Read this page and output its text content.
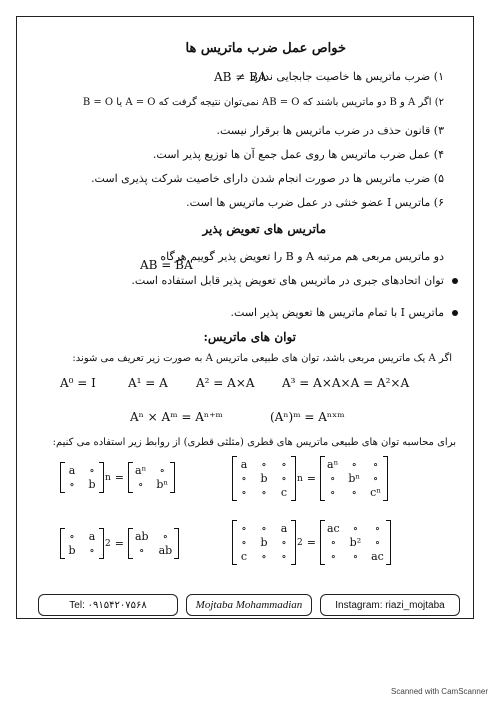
خواص عمل ضرب ماتریس ها
۱) ضرب ماتریس ها خاصیت جابجایی ندارد
AB ≠ BA
۲) اگر A و B دو ماتریس باشند که AB = O نمی‌توان نتیجه گرفت که A = O یا B = O
۳) قانون حذف در ضرب ماتریس ها برقرار نیست.
۴) عمل ضرب ماتریس ها روی عمل جمع آن ها توزیع پذیر است.
۵) ضرب ماتریس ها در صورت انجام شدن دارای خاصیت شرکت پذیری است.
۶) ماتریس I عضو خنثی در عمل ضرب ماتریس ها است.
ماتریس های تعویض پذیر
دو ماتریس مربعی هم مرتبه A و B را تعویض پذیر گوییم هرگاه
AB = BA
توان اتحادهای جبری در ماتریس های تعویض پذیر قابل استفاده است.
ماتریس I با تمام ماتریس ها تعویض پذیر است.
توان های ماتریس:
اگر A یک ماتریس مربعی باشد، توان های طبیعی ماتریس A به صورت زیر تعریف می شوند:
A⁰ = I	A¹ = A A² = A×A A³ = A×A×A = A²×A
Aⁿ × Aᵐ = Aⁿ⁺ᵐ	(Aⁿ)ᵐ = Aⁿˣᵐ
برای محاسبه توان های طبیعی ماتریس های قطری (مثلثی قطری) از روابط زیر استفاده می کنیم:
a ∘
∘ b
n =
aⁿ ∘
∘ bⁿ
a ∘ ∘
∘ b ∘
∘ ∘ c
n =
aⁿ ∘ ∘
∘ bⁿ ∘
∘ ∘ cⁿ
∘ a
b ∘
2 =
ab	∘
∘	ab
∘ ∘ a
∘ b ∘
c ∘ ∘
2 =
ac ∘	∘
∘	b²	∘
∘	∘ ac
Tel: ۰۹۱۵۴۲۰۷۵۶۸	Mojtaba Mohammadian	Instagram: riazi_mojtaba
Scanned with CamScanner
